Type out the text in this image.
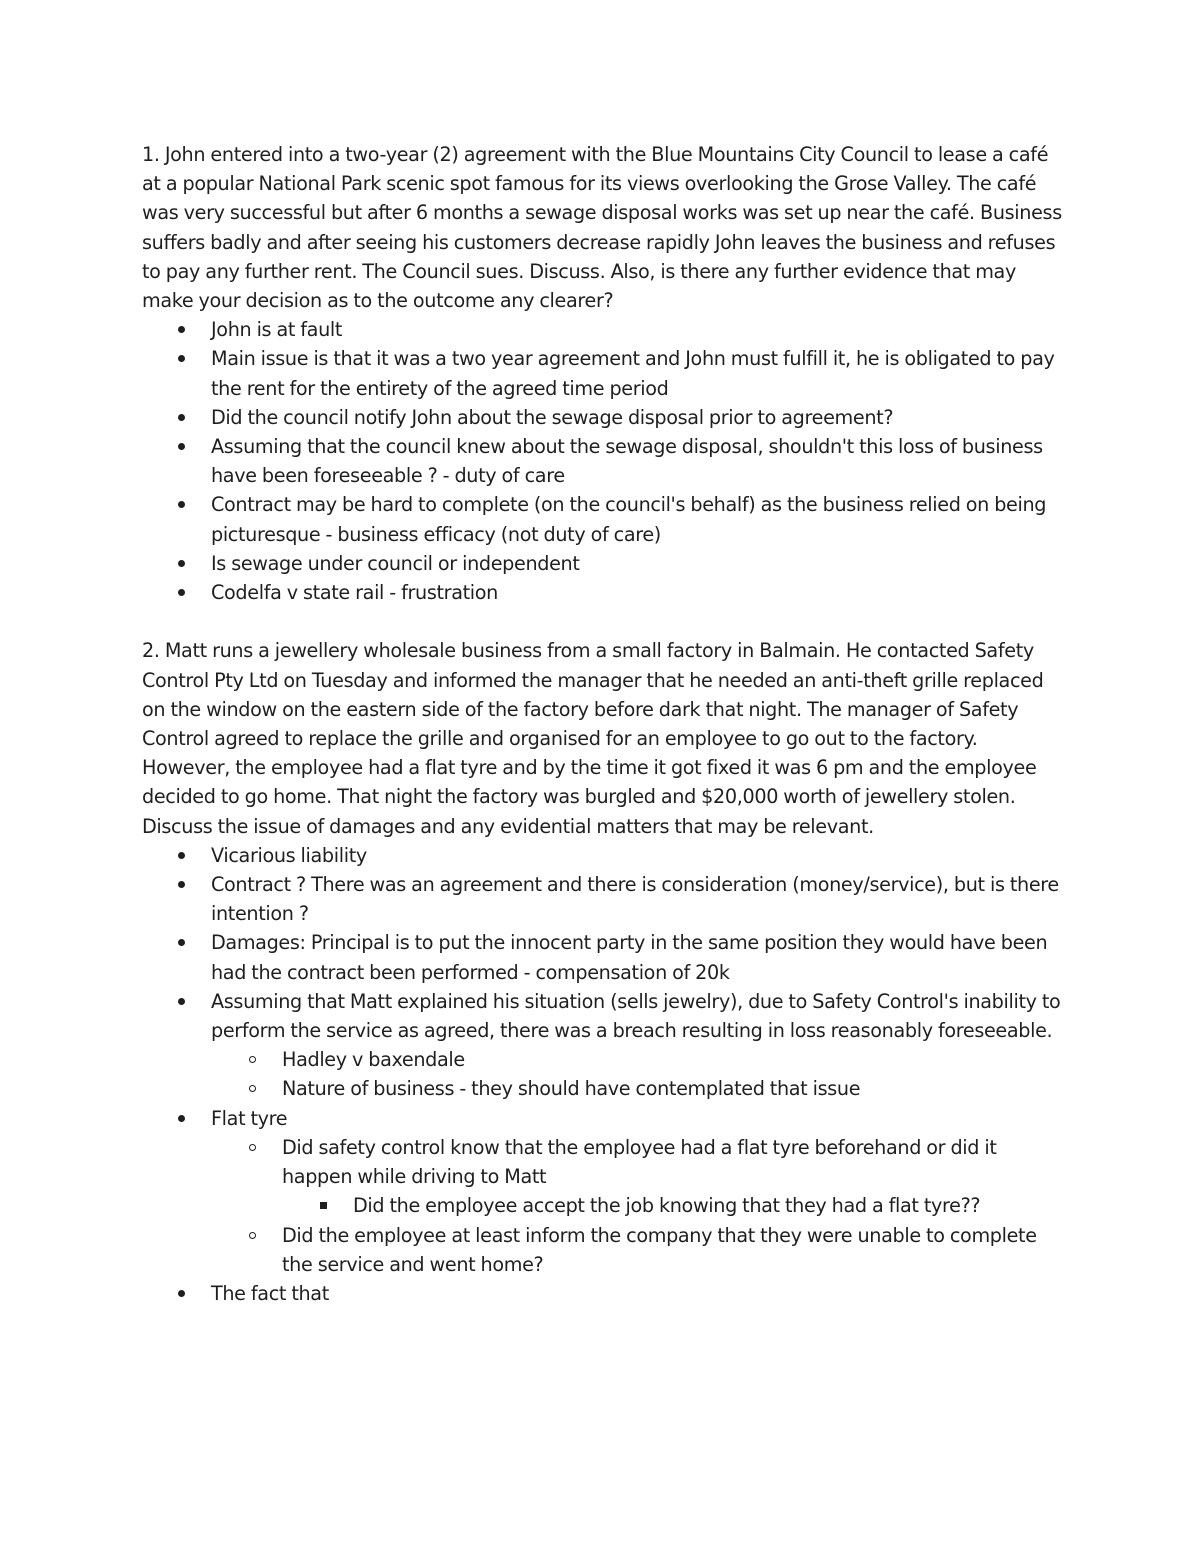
1. John entered into a two-year (2) agreement with the Blue Mountains City Council to lease a café at a popular National Park scenic spot famous for its views overlooking the Grose Valley. The café was very successful but after 6 months a sewage disposal works was set up near the café. Business suffers badly and after seeing his customers decrease rapidly John leaves the business and refuses to pay any further rent. The Council sues. Discuss. Also, is there any further evidence that may make your decision as to the outcome any clearer?

John is at fault
Main issue is that it was a two year agreement and John must fulfill it, he is obligated to pay the rent for the entirety of the agreed time period
Did the council notify John about the sewage disposal prior to agreement?
Assuming that the council knew about the sewage disposal, shouldn't this loss of business have been foreseeable ? - duty of care
Contract may be hard to complete (on the council's behalf) as the business relied on being picturesque - business efficacy (not duty of care)
Is sewage under council or independent
Codelfa v state rail - frustration

2. Matt runs a jewellery wholesale business from a small factory in Balmain. He contacted Safety Control Pty Ltd on Tuesday and informed the manager that he needed an anti-theft grille replaced on the window on the eastern side of the factory before dark that night. The manager of Safety Control agreed to replace the grille and organised for an employee to go out to the factory. However, the employee had a flat tyre and by the time it got fixed it was 6 pm and the employee decided to go home. That night the factory was burgled and $20,000 worth of jewellery stolen. Discuss the issue of damages and any evidential matters that may be relevant.

Vicarious liability
Contract ? There was an agreement and there is consideration (money/service), but is there intention ?
Damages: Principal is to put the innocent party in the same position they would have been had the contract been performed - compensation of 20k
Assuming that Matt explained his situation (sells jewelry), due to Safety Control's inability to perform the service as agreed, there was a breach resulting in loss reasonably foreseeable.
Hadley v baxendale
Nature of business - they should have contemplated that issue
Flat tyre
Did safety control know that the employee had a flat tyre beforehand or did it happen while driving to Matt
Did the employee accept the job knowing that they had a flat tyre??
Did the employee at least inform the company that they were unable to complete the service and went home?
The fact that
